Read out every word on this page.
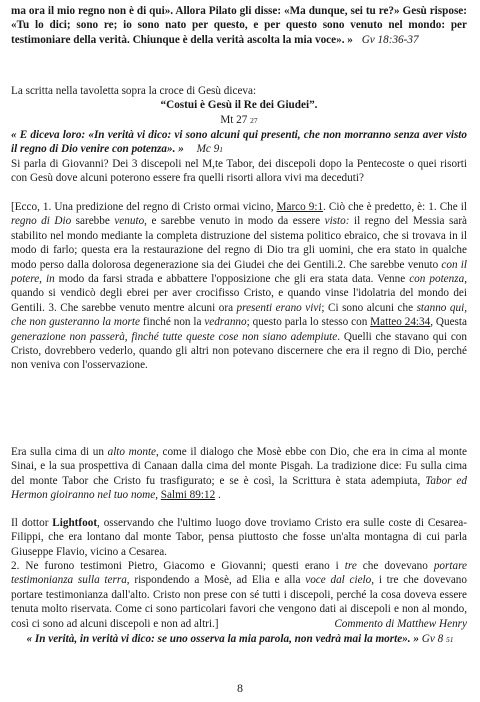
ma ora il mio regno non è di qui». Allora Pilato gli disse: «Ma dunque, sei tu re?» Gesù rispose: «Tu lo dici; sono re; io sono nato per questo, e per questo sono venuto nel mondo: per testimoniare della verità. Chiunque è della verità ascolta la mia voce». » Gv 18:36-37
La scritta nella tavoletta sopra la croce di Gesù diceva:
“Costui è Gesù il Re dei Giudei”.
Mt 27 27
« E diceva loro: «In verità vi dico: vi sono alcuni qui presenti, che non morranno senza aver visto il regno di Dio venire con potenza». » Mc 91
Si parla di Giovanni? Dei 3 discepoli nel M,te Tabor, dei discepoli dopo la Pentecoste o quei risorti con Gesù dove alcuni poterono essere fra quelli risorti allora vivi ma deceduti?
[Ecco, 1. Una predizione del regno di Cristo ormai vicino, Marco 9:1. Ciò che è predetto, è: 1. Che il regno di Dio sarebbe venuto, e sarebbe venuto in modo da essere visto: il regno del Messia sarà stabilito nel mondo mediante la completa distruzione del sistema politico ebraico, che si trovava in il modo di farlo; questa era la restaurazione del regno di Dio tra gli uomini, che era stato in qualche modo perso dalla dolorosa degenerazione sia dei Giudei che dei Gentili.2. Che sarebbe venuto con il potere, in modo da farsi strada e abbattere l'opposizione che gli era stata data. Venne con potenza, quando si vendicò degli ebrei per aver crocifisso Cristo, e quando vinse l'idolatria del mondo dei Gentili. 3. Che sarebbe venuto mentre alcuni ora presenti erano vivi; Ci sono alcuni che stanno qui, che non gusteranno la morte finché non la vedranno; questo parla lo stesso con Matteo 24:34, Questa generazione non passerà, finché tutte queste cose non siano adempiute. Quelli che stavano qui con Cristo, dovrebbero vederlo, quando gli altri non potevano discernere che era il regno di Dio, perché non veniva con l'osservazione.
Era sulla cima di un alto monte, come il dialogo che Mosè ebbe con Dio, che era in cima al monte Sinai, e la sua prospettiva di Canaan dalla cima del monte Pisgah. La tradizione dice: Fu sulla cima del monte Tabor che Cristo fu trasfigurato; e se è così, la Scrittura è stata adempiuta, Tabor ed Hermon gioiranno nel tuo nome, Salmi 89:12 .
Il dottor Lightfoot, osservando che l'ultimo luogo dove troviamo Cristo era sulle coste di Cesarea-Filippi, che era lontano dal monte Tabor, pensa piuttosto che fosse un'alta montagna di cui parla Giuseppe Flavio, vicino a Cesarea.
2. Ne furono testimoni Pietro, Giacomo e Giovanni; questi erano i tre che dovevano portare testimonianza sulla terra, rispondendo a Mosè, ad Elia e alla voce dal cielo, i tre che dovevano portare testimonianza dall'alto. Cristo non prese con sé tutti i discepoli, perché la cosa doveva essere tenuta molto riservata. Come ci sono particolari favori che vengono dati ai discepoli e non al mondo, così ci sono ad alcuni discepoli e non ad altri.]	Commento di Matthew Henry
« In verità, in verità vi dico: se uno osserva la mia parola, non vedrà mai la morte». » Gv 8 51
8
